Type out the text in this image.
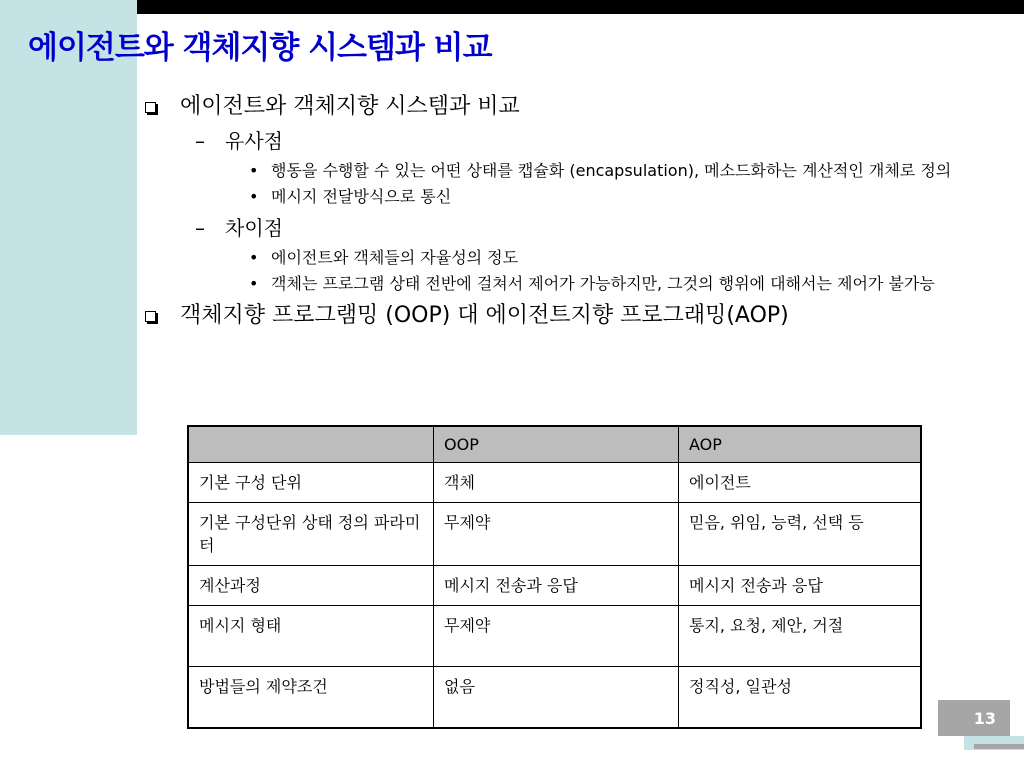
에이전트와 객체지향 시스템과 비교
에이전트와 객체지향 시스템과 비교
– 유사점
• 행동을 수행할 수 있는 어떤 상태를 캡슐화 (encapsulation), 메소드화하는 계산적인 개체로 정의
• 메시지 전달방식으로 통신
– 차이점
• 에이전트와 객체들의 자율성의 정도
• 객체는 프로그램 상태 전반에 걸쳐서 제어가 가능하지만, 그것의 행위에 대해서는 제어가 불가능
객체지향 프로그램밍 (OOP) 대 에이전트지향 프로그래밍(AOP)
	OOP	AOP
기본 구성 단위	객체	에이전트
기본 구성단위 상태 정의 파라미터	무제약	믿음, 위임, 능력, 선택 등
계산과정	메시지 전송과 응답	메시지 전송과 응답
메시지 형태	무제약	통지, 요청, 제안, 거절
방법들의 제약조건	없음	정직성, 일관성
13
